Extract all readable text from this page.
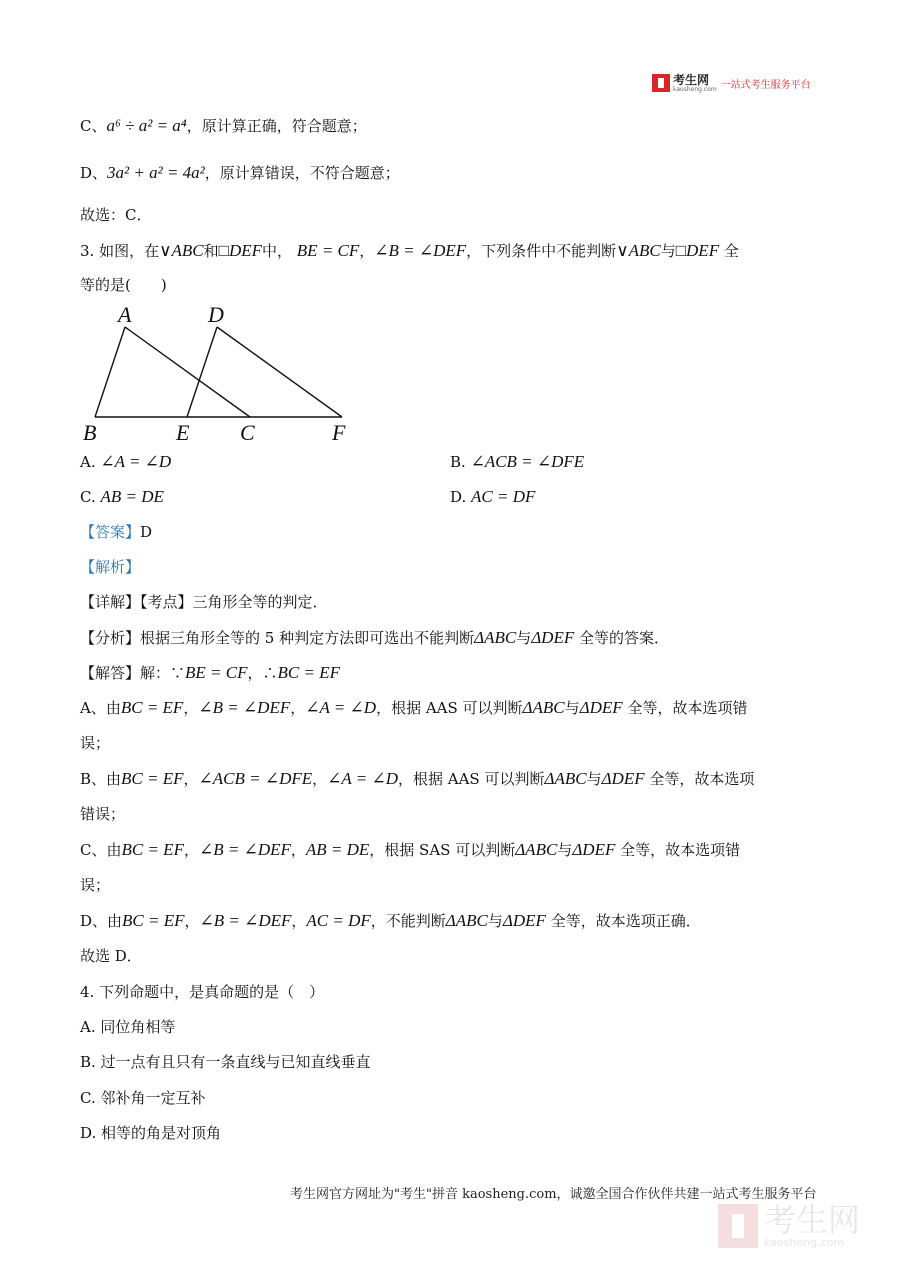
考生网
kaosheng.com 一站式考生服务平台
C、a⁶ ÷ a² = a⁴，原计算正确，符合题意；
D、3a² + a² = 4a²，原计算错误，不符合题意；
故选：C．
3. 如图，在∨ABC和□DEF中， BE = CF，∠B = ∠DEF，下列条件中不能判断∨ABC与□DEF 全
等的是(　　)
A	D
B	E C	F
A. ∠A = ∠D	B. ∠ACB = ∠DFE
C. AB = DE	D. AC = DF
【答案】D
【解析】
【详解】【考点】三角形全等的判定．
【分析】根据三角形全等的 5 种判定方法即可选出不能判断ΔABC与ΔDEF 全等的答案．
【解答】解：∵BE = CF，∴BC = EF
A、由BC = EF，∠B = ∠DEF，∠A = ∠D，根据 AAS 可以判断ΔABC与ΔDEF 全等，故本选项错
误；
B、由BC = EF，∠ACB = ∠DFE，∠A = ∠D，根据 AAS 可以判断ΔABC与ΔDEF 全等，故本选项
错误；
C、由BC = EF，∠B = ∠DEF，AB = DE，根据 SAS 可以判断ΔABC与ΔDEF 全等，故本选项错
误；
D、由BC = EF，∠B = ∠DEF，AC = DF，不能判断ΔABC与ΔDEF 全等，故本选项正确．
故选 D．
4. 下列命题中，是真命题的是（　）
A. 同位角相等
B. 过一点有且只有一条直线与已知直线垂直
C. 邻补角一定互补
D. 相等的角是对顶角
考生网官方网址为"考生"拼音 kaosheng.com，诚邀全国合作伙伴共建一站式考生服务平台
考生网
kaosheng.com
